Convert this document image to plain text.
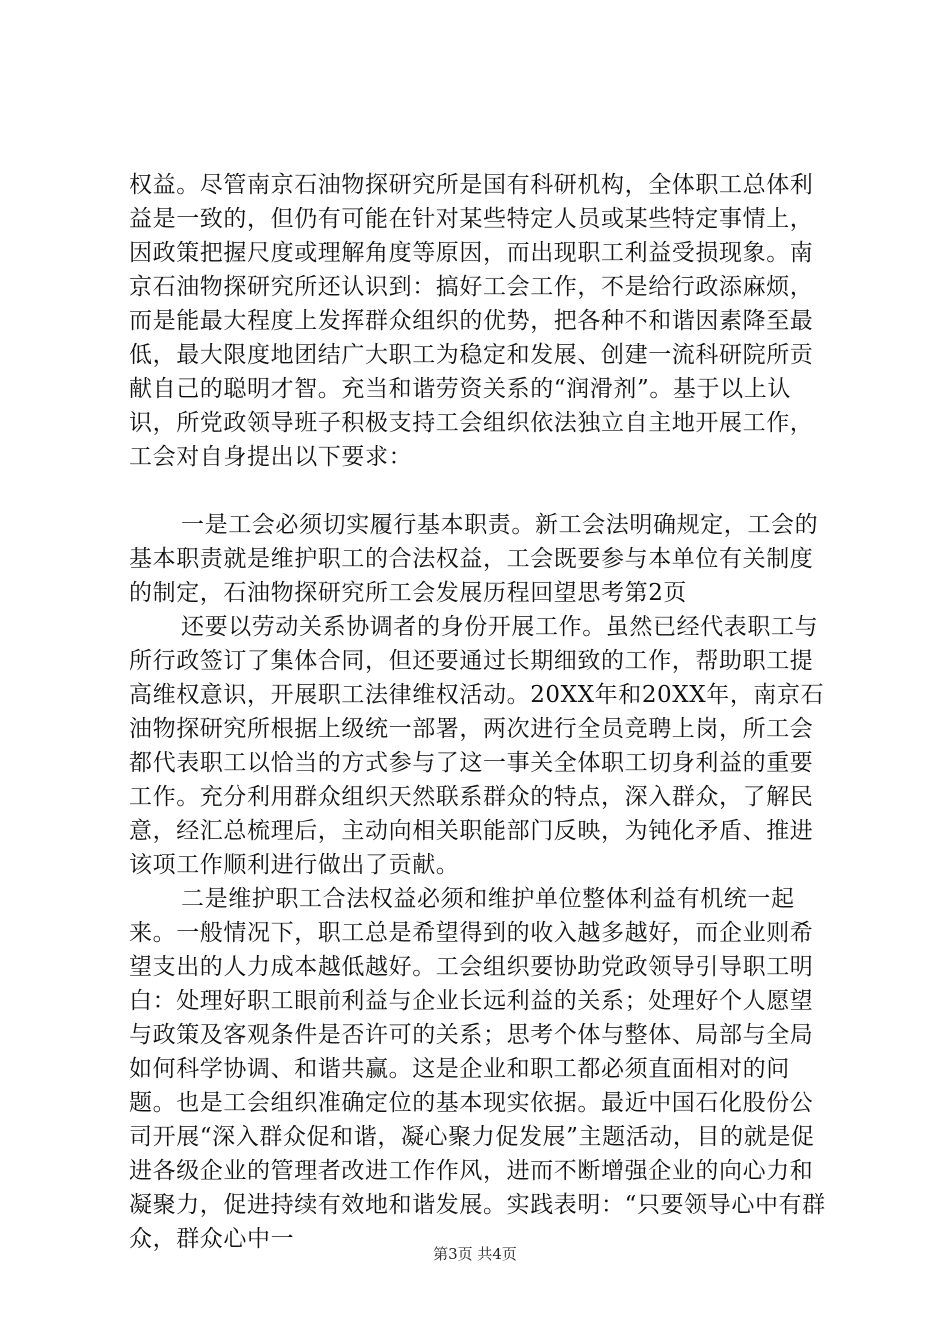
权益。尽管南京石油物探研究所是国有科研机构，全体职工总体利益是一致的，但仍有可能在针对某些特定人员或某些特定事情上，因政策把握尺度或理解角度等原因，而出现职工利益受损现象。南京石油物探研究所还认识到：搞好工会工作，不是给行政添麻烦，而是能最大程度上发挥群众组织的优势，把各种不和谐因素降至最低，最大限度地团结广大职工为稳定和发展、创建一流科研院所贡献自己的聪明才智。充当和谐劳资关系的“润滑剂”。基于以上认识，所党政领导班子积极支持工会组织依法独立自主地开展工作，工会对自身提出以下要求：

一是工会必须切实履行基本职责。新工会法明确规定，工会的基本职责就是维护职工的合法权益，工会既要参与本单位有关制度的制定，石油物探研究所工会发展历程回望思考第2页

还要以劳动关系协调者的身份开展工作。虽然已经代表职工与所行政签订了集体合同，但还要通过长期细致的工作，帮助职工提高维权意识，开展职工法律维权活动。20XX年和20XX年，南京石油物探研究所根据上级统一部署，两次进行全员竞聘上岗，所工会都代表职工以恰当的方式参与了这一事关全体职工切身利益的重要工作。充分利用群众组织天然联系群众的特点，深入群众，了解民意，经汇总梳理后，主动向相关职能部门反映，为钝化矛盾、推进该项工作顺利进行做出了贡献。

二是维护职工合法权益必须和维护单位整体利益有机统一起来。一般情况下，职工总是希望得到的收入越多越好，而企业则希望支出的人力成本越低越好。工会组织要协助党政领导引导职工明白：处理好职工眼前利益与企业长远利益的关系；处理好个人愿望与政策及客观条件是否许可的关系；思考个体与整体、局部与全局如何科学协调、和谐共赢。这是企业和职工都必须直面相对的问题。也是工会组织准确定位的基本现实依据。最近中国石化股份公司开展“深入群众促和谐，凝心聚力促发展”主题活动，目的就是促进各级企业的管理者改进工作作风，进而不断增强企业的向心力和凝聚力，促进持续有效地和谐发展。实践表明：“只要领导心中有群众，群众心中一

第3页 共4页
